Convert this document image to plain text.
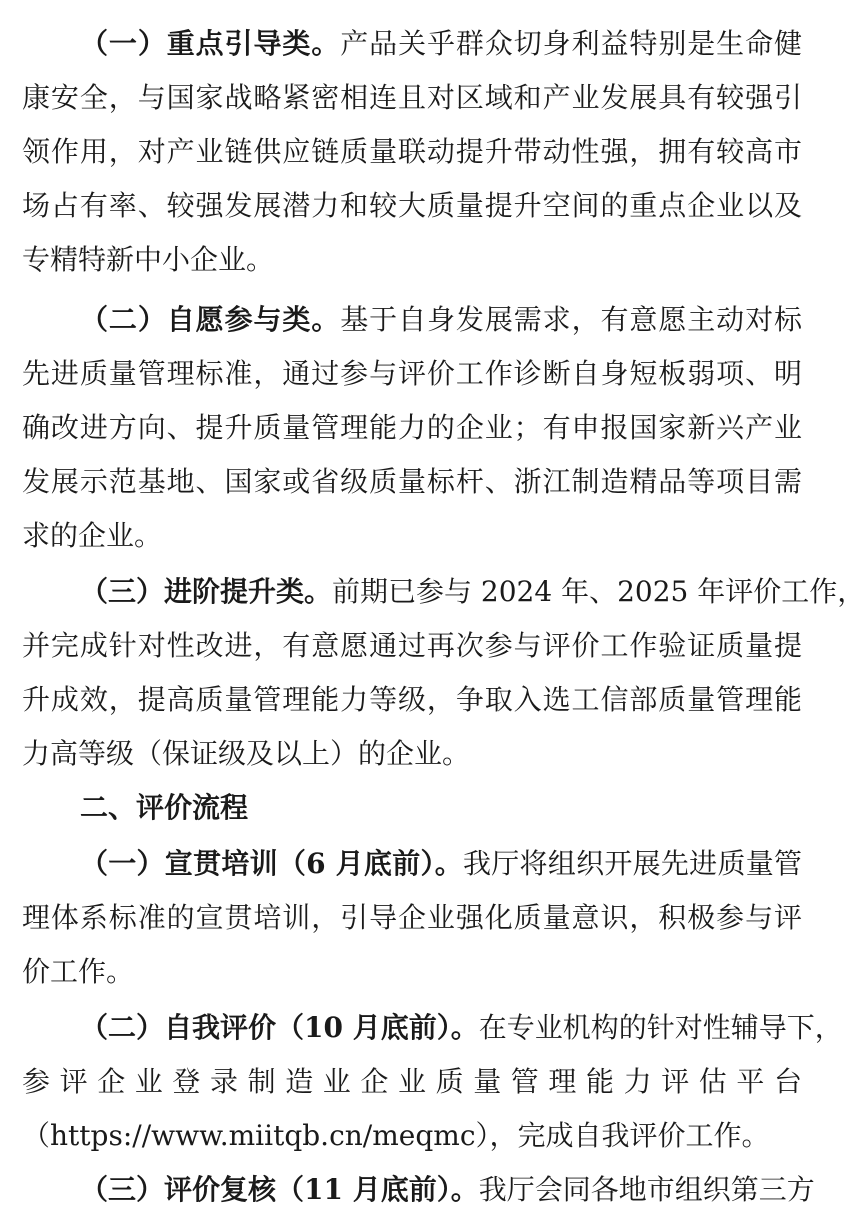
（一）重点引导类。产品关乎群众切身利益特别是生命健
康安全，与国家战略紧密相连且对区域和产业发展具有较强引
领作用，对产业链供应链质量联动提升带动性强，拥有较高市
场占有率、较强发展潜力和较大质量提升空间的重点企业以及
专精特新中小企业。
（二）自愿参与类。基于自身发展需求，有意愿主动对标
先进质量管理标准，通过参与评价工作诊断自身短板弱项、明
确改进方向、提升质量管理能力的企业；有申报国家新兴产业
发展示范基地、国家或省级质量标杆、浙江制造精品等项目需
求的企业。
（三）进阶提升类。前期已参与 2024 年、2025 年评价工作，
并完成针对性改进，有意愿通过再次参与评价工作验证质量提
升成效，提高质量管理能力等级，争取入选工信部质量管理能
力高等级（保证级及以上）的企业。
二、评价流程
（一）宣贯培训（6 月底前）。我厅将组织开展先进质量管
理体系标准的宣贯培训，引导企业强化质量意识，积极参与评
价工作。
（二）自我评价（10 月底前）。在专业机构的针对性辅导下，
参评企业登录制造业企业质量管理能力评估平台
（https://www.miitqb.cn/meqmc），完成自我评价工作。
（三）评价复核（11 月底前）。我厅会同各地市组织第三方
